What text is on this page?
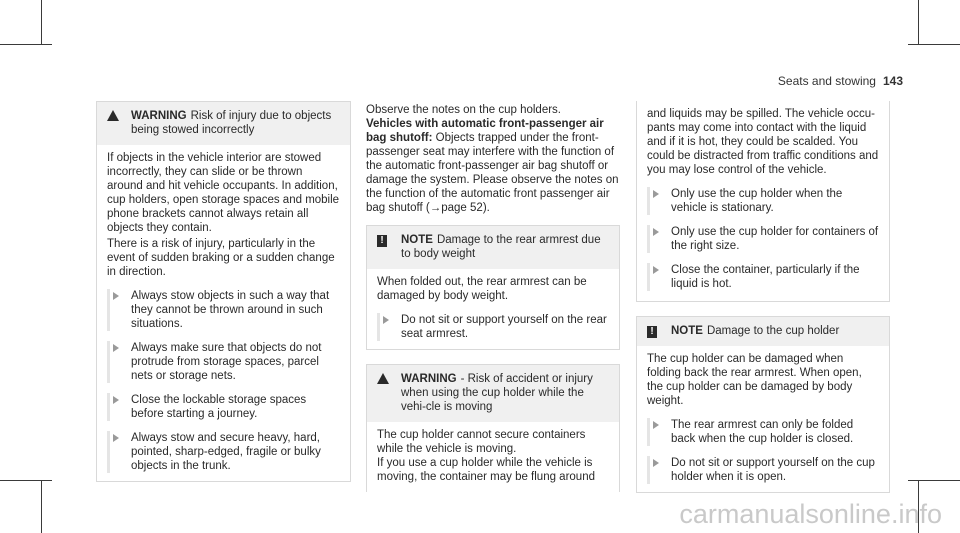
Seats and stowing 143
WARNING Risk of injury due to objects being stowed incorrectly

If objects in the vehicle interior are stowed incorrectly, they can slide or be thrown around and hit vehicle occupants. In addition, cup holders, open storage spaces and mobile phone brackets cannot always retain all objects they contain.

There is a risk of injury, particularly in the event of sudden braking or a sudden change in direction.

Always stow objects in such a way that they cannot be thrown around in such situations.
Always make sure that objects do not protrude from storage spaces, parcel nets or storage nets.
Close the lockable storage spaces before starting a journey.
Always stow and secure heavy, hard, pointed, sharp-edged, fragile or bulky objects in the trunk.

Observe the notes on the cup holders.

Vehicles with automatic front-passenger air bag shutoff: Objects trapped under the front-passenger seat may interfere with the function of the automatic front-passenger air bag shutoff or damage the system. Please observe the notes on the function of the automatic front passenger air bag shutoff (→page 52).

!	NOTE Damage to the rear armrest due to body weight

When folded out, the rear armrest can be damaged by body weight.

Do not sit or support yourself on the rear seat armrest.
WARNING - Risk of accident or injury when using the cup holder while the vehi-cle is moving

The cup holder cannot secure containers while the vehicle is moving.

If you use a cup holder while the vehicle is moving, the container may be flung around

and liquids may be spilled. The vehicle occu-pants may come into contact with the liquid and if it is hot, they could be scalded. You could be distracted from traffic conditions and you may lose control of the vehicle.

Only use the cup holder when the vehicle is stationary.
Only use the cup holder for containers of the right size.
Close the container, particularly if the liquid is hot.
!	NOTE Damage to the cup holder

The cup holder can be damaged when folding back the rear armrest. When open, the cup holder can be damaged by body weight.

The rear armrest can only be folded back when the cup holder is closed.
Do not sit or support yourself on the cup holder when it is open.
carmanualsonline.info
